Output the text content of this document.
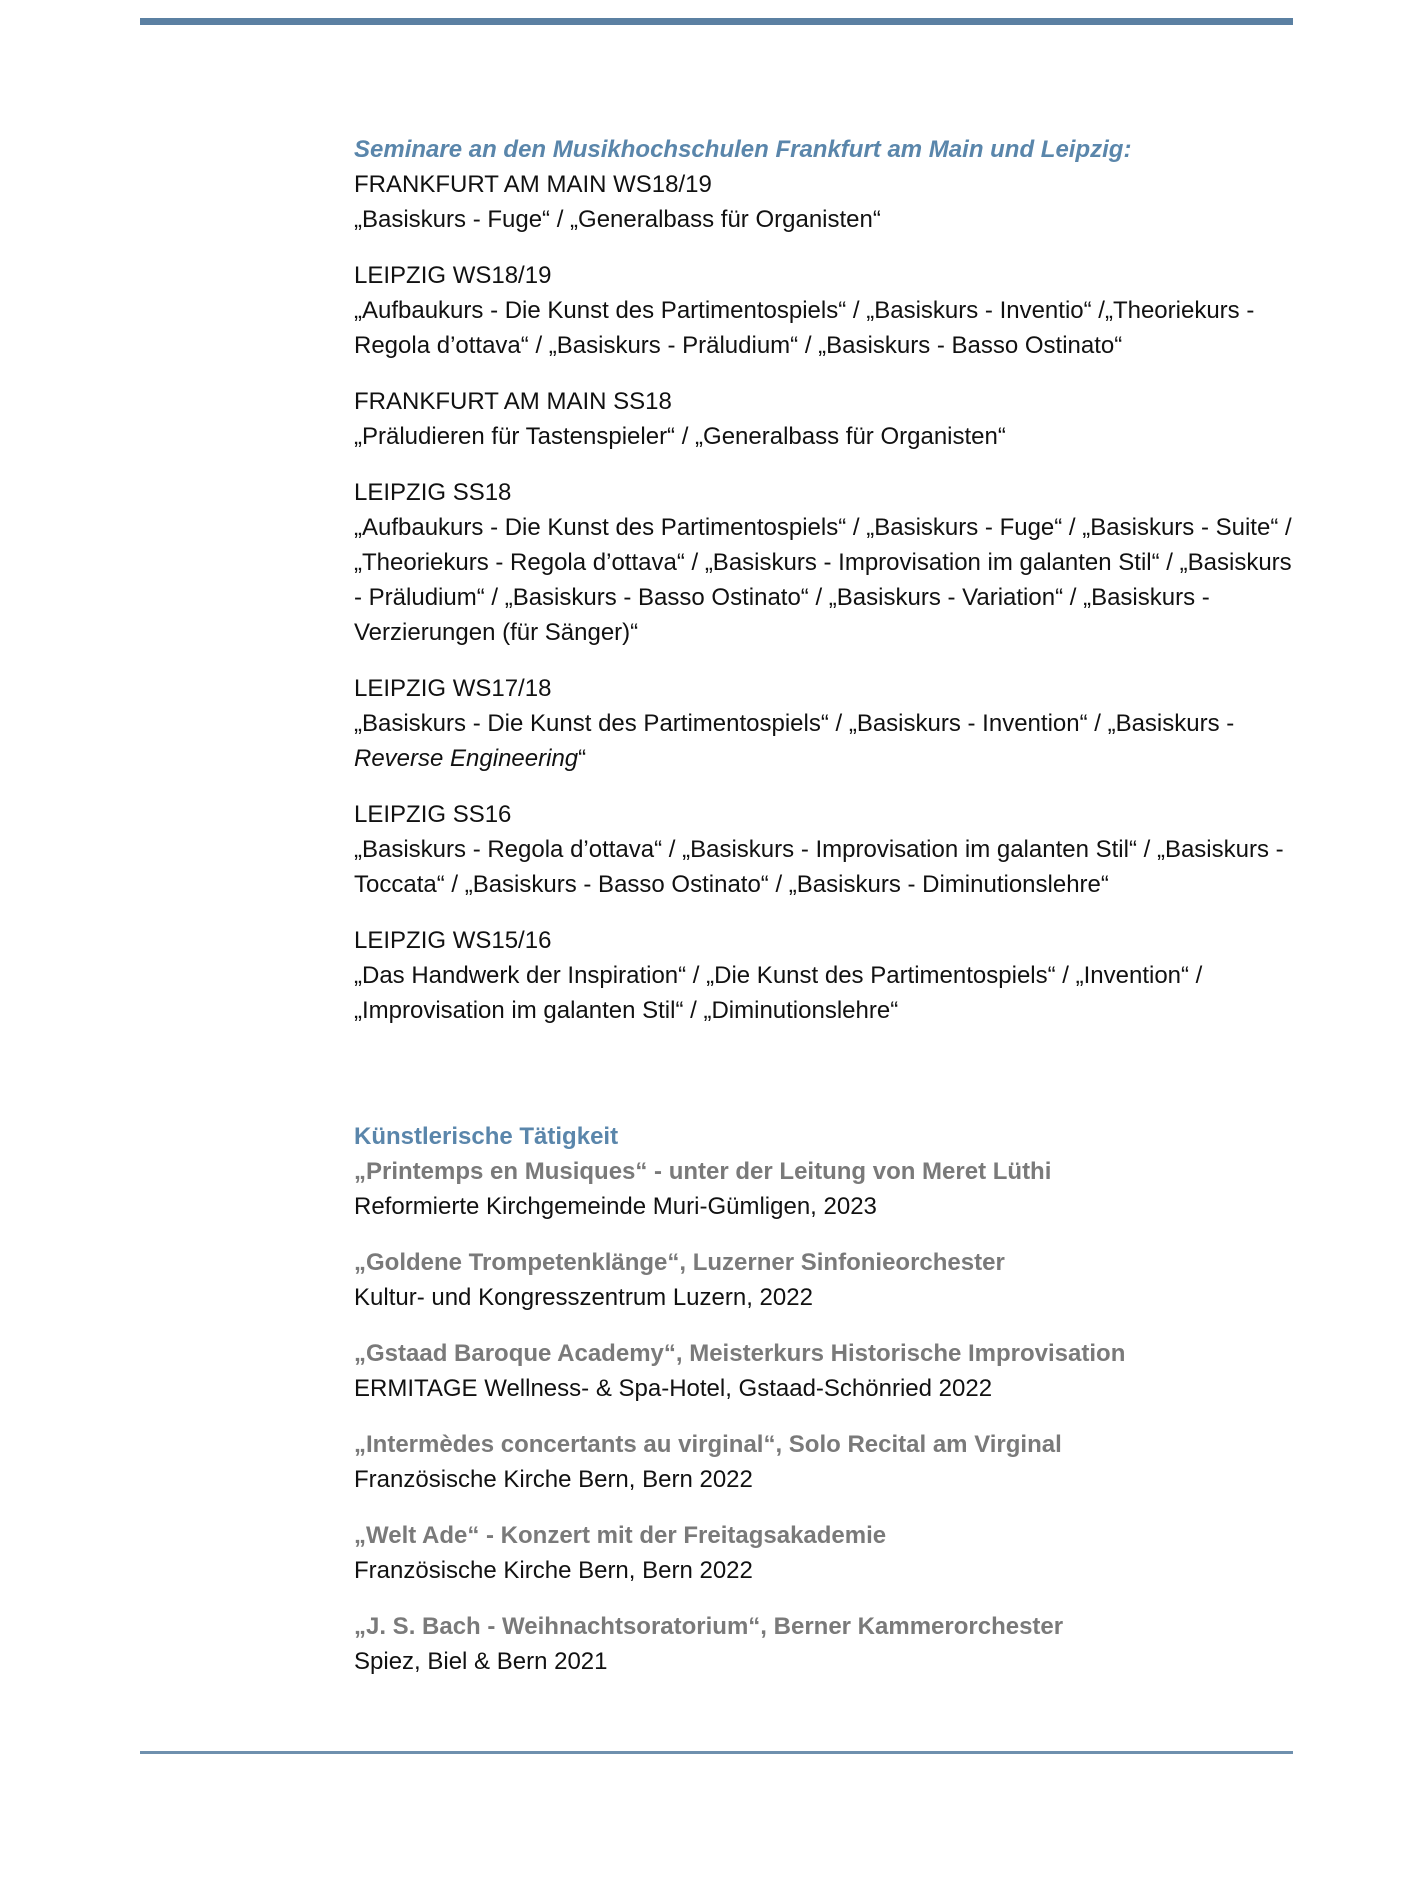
Seminare an den Musikhochschulen Frankfurt am Main und Leipzig:

FRANKFURT AM MAIN WS18/19
„Basiskurs - Fuge“ / „Generalbass für Organisten“
LEIPZIG WS18/19
„Aufbaukurs - Die Kunst des Partimentospiels“ / „Basiskurs - Inventio“ /„Theoriekurs - Regola d’ottava“ / „Basiskurs - Präludium“ / „Basiskurs - Basso Ostinato“
FRANKFURT AM MAIN SS18
„Präludieren für Tastenspieler“ / „Generalbass für Organisten“
LEIPZIG SS18
„Aufbaukurs - Die Kunst des Partimentospiels“ / „Basiskurs - Fuge“ / „Basiskurs - Suite“ / „Theoriekurs - Regola d’ottava“ / „Basiskurs - Improvisation im galanten Stil“ / „Basiskurs - Präludium“ / „Basiskurs - Basso Ostinato“ / „Basiskurs - Variation“ / „Basiskurs - Verzierungen (für Sänger)“
LEIPZIG WS17/18
„Basiskurs - Die Kunst des Partimentospiels“ / „Basiskurs - Invention“ / „Basiskurs - Reverse Engineering“
LEIPZIG SS16
„Basiskurs - Regola d’ottava“ / „Basiskurs - Improvisation im galanten Stil“ / „Basiskurs - Toccata“ / „Basiskurs - Basso Ostinato“ / „Basiskurs - Diminutionslehre“
LEIPZIG WS15/16
„Das Handwerk der Inspiration“ / „Die Kunst des Partimentospiels“ / „Invention“ / „Improvisation im galanten Stil“ / „Diminutionslehre“

Künstlerische Tätigkeit

„Printemps en Musiques“ - unter der Leitung von Meret Lüthi
Reformierte Kirchgemeinde Muri-Gümligen, 2023
„Goldene Trompetenklänge“, Luzerner Sinfonieorchester
Kultur- und Kongresszentrum Luzern, 2022
„Gstaad Baroque Academy“, Meisterkurs Historische Improvisation
ERMITAGE Wellness- & Spa-Hotel, Gstaad-Schönried 2022
„Intermèdes concertants au virginal“, Solo Recital am Virginal
Französische Kirche Bern, Bern 2022
„Welt Ade“ - Konzert mit der Freitagsakademie
Französische Kirche Bern, Bern 2022
„J. S. Bach - Weihnachtsoratorium“, Berner Kammerorchester
Spiez, Biel & Bern 2021
